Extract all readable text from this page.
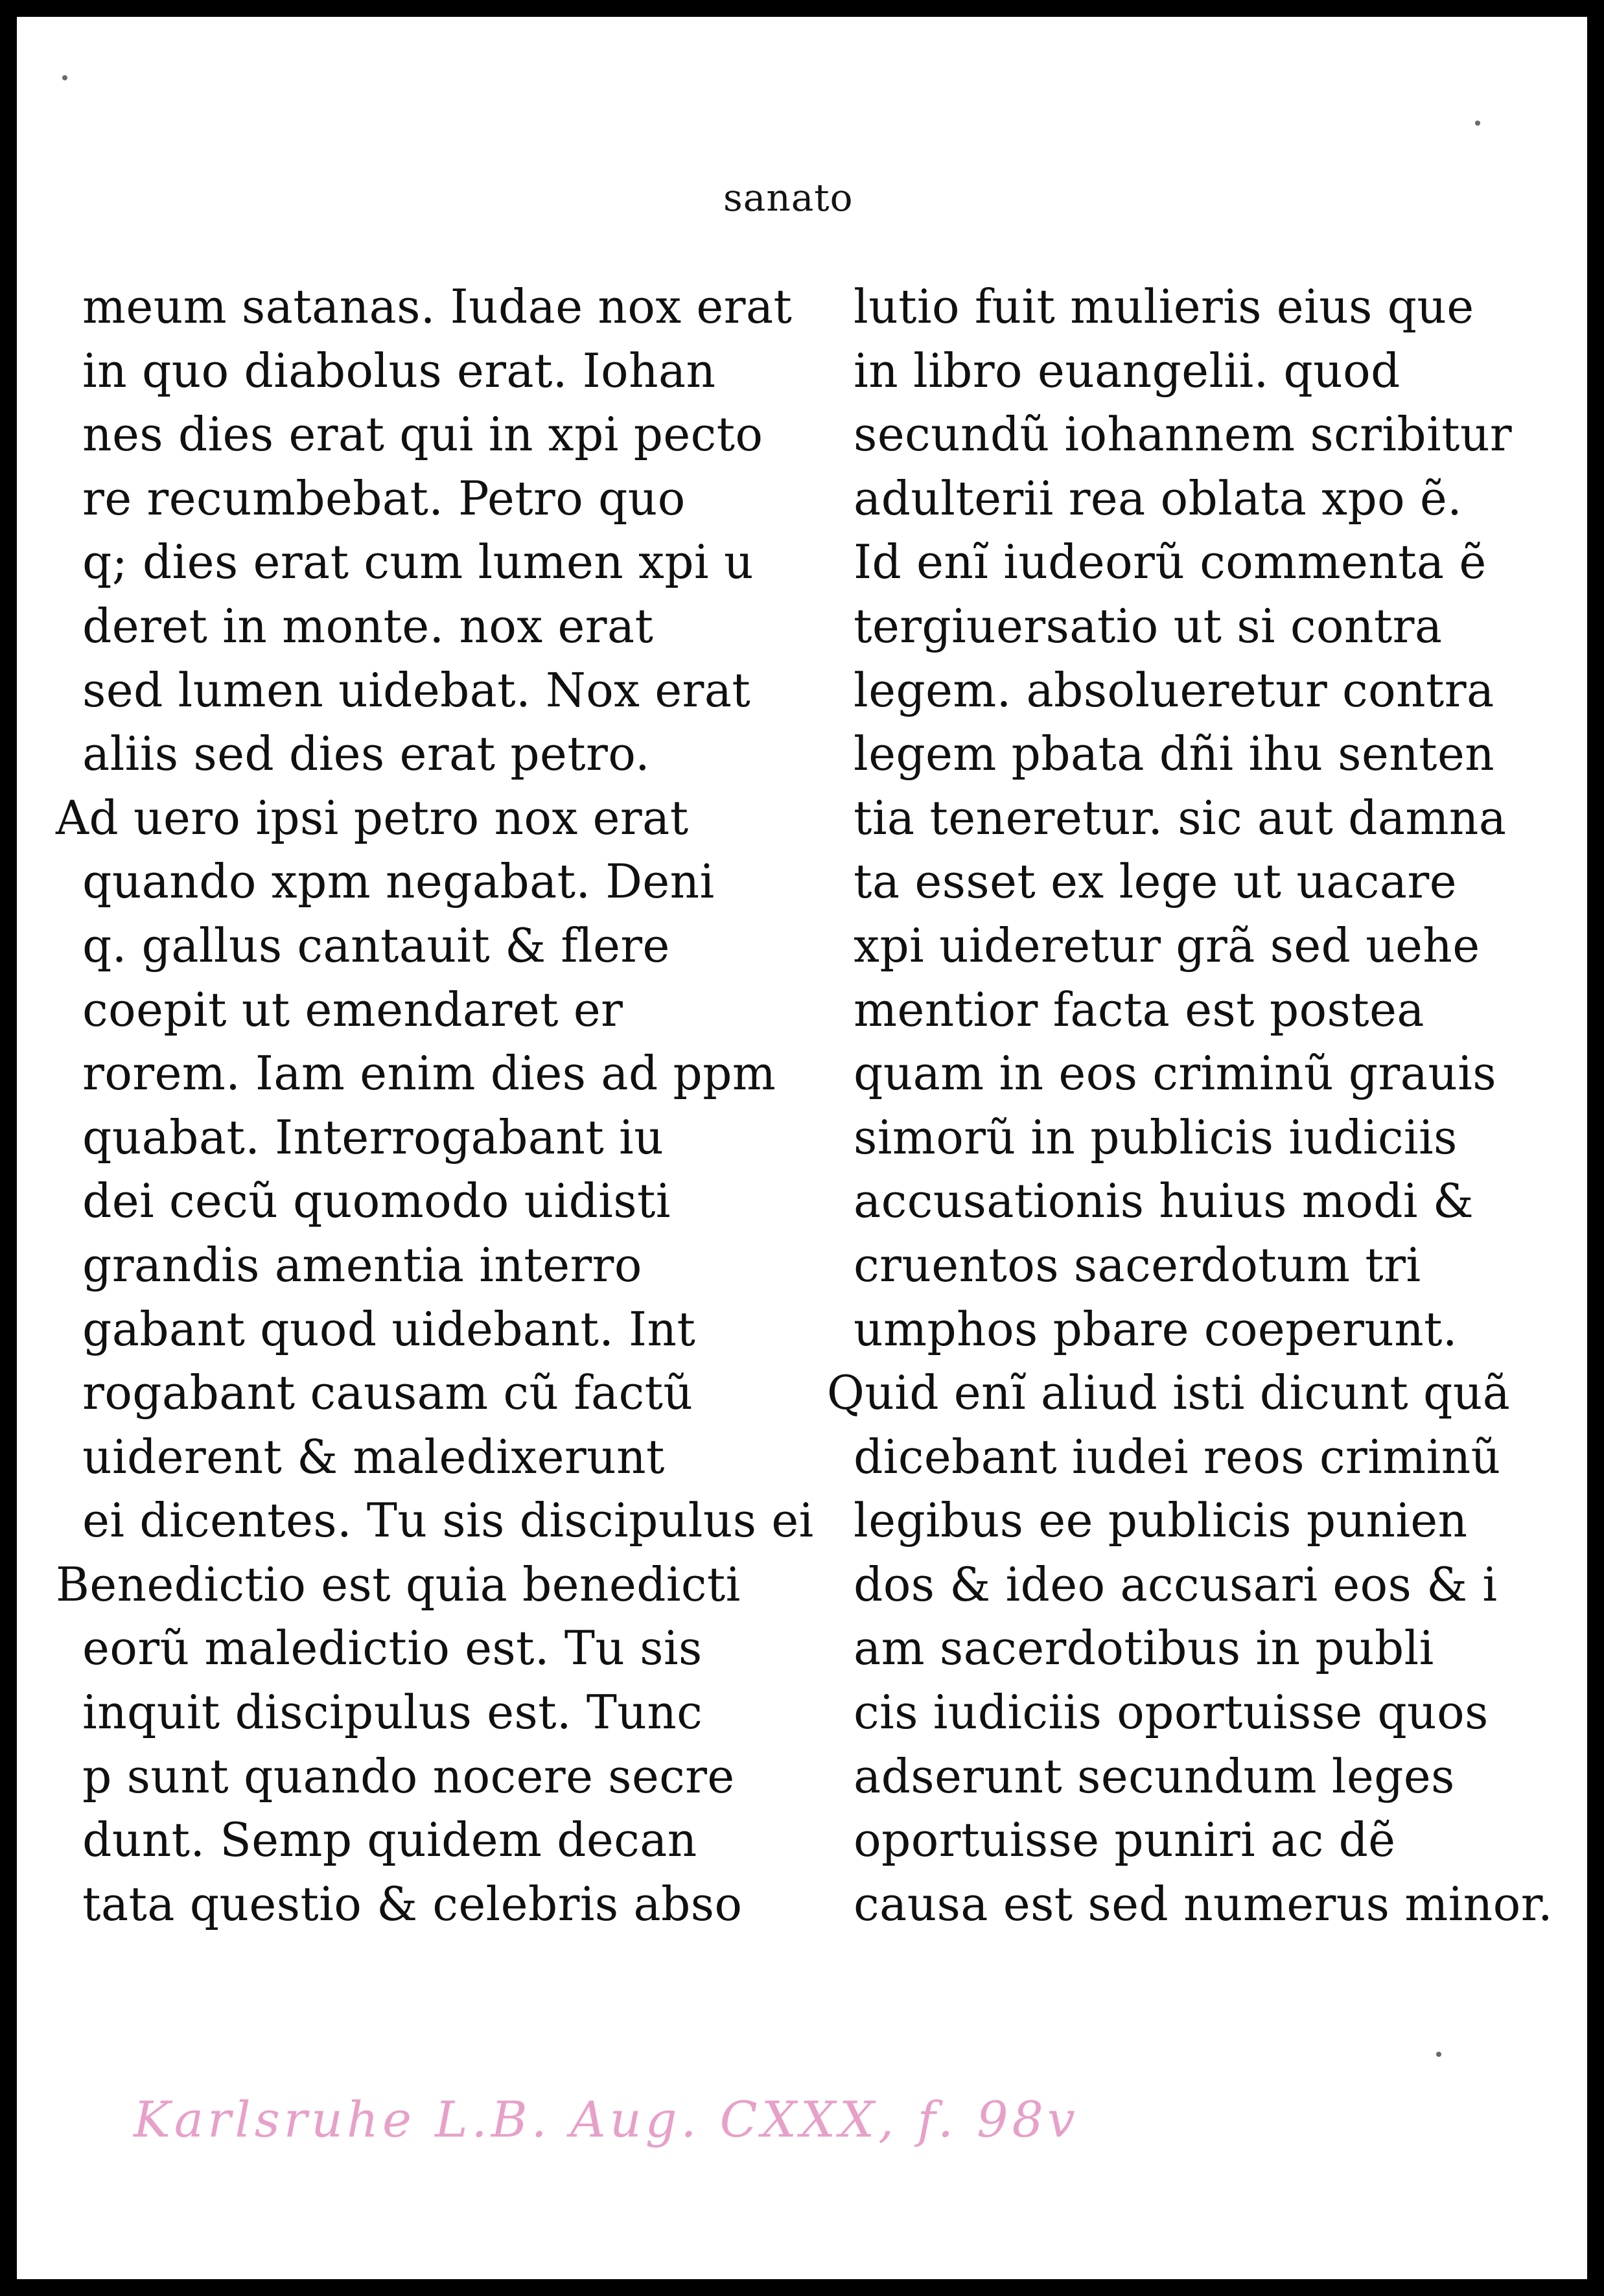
sanato
meum satanas. Iudae nox erat
in quo diabolus erat. Iohan
nes dies erat qui in xpi pectο
re recumbebat. Petro quo
q; dies erat cum lumen xpi u
deret in monte. nox erat
sed lumen uidebat. Nox erat
aliis sed dies erat petro.
Ad uero ipsi petro nox erat
quando xpm negabat. Deni
q. gallus cantauit & flere
coepit ut emendaret er
rorem. Iam enim dies ad ppm
quabat. Interrogabant iu
dei cecũ quomodo uidisti
grandis amentia interro
gabant quod uidebant. Int
rogabant causam cũ factũ
uiderent & maledixerunt
ei dicentes. Tu sis discipulus ei
Benedictio est quia benedicti
eorũ maledictio est. Tu sis
inquit discipulus est. Tunc
p sunt quando nocere secre
dunt. Semp quidem decan
tata questio & celebris abso
lutio fuit mulieris eius que
in libro euangelii. quod
secundũ iohannem scribitur
adulterii rea oblata xpo ẽ.
Id enĩ iudeorũ commenta ẽ
tergiuersatio ut si contra
legem. absolueretur contra
legem pbata dñi ihu senten
tia teneretur. sic aut damna
ta esset ex lege ut uacare
xpi uideretur grã sed uehe
mentior facta est postea
quam in eos criminũ grauis
simorũ in publicis iudiciis
accusationis huius modi &
cruentos sacerdotum tri
umphos pbare coeperunt.
Quid enĩ aliud isti dicunt quã
dicebant iudei reos criminũ
legibus ee publicis punien
dos & ideo accusari eos & i
am sacerdotibus in publi
cis iudiciis oportuisse quos
adserunt secundum leges
oportuisse puniri ac dẽ
causa est sed numerus minor.
Karlsruhe L.B. Aug. CXXX, f. 98v
